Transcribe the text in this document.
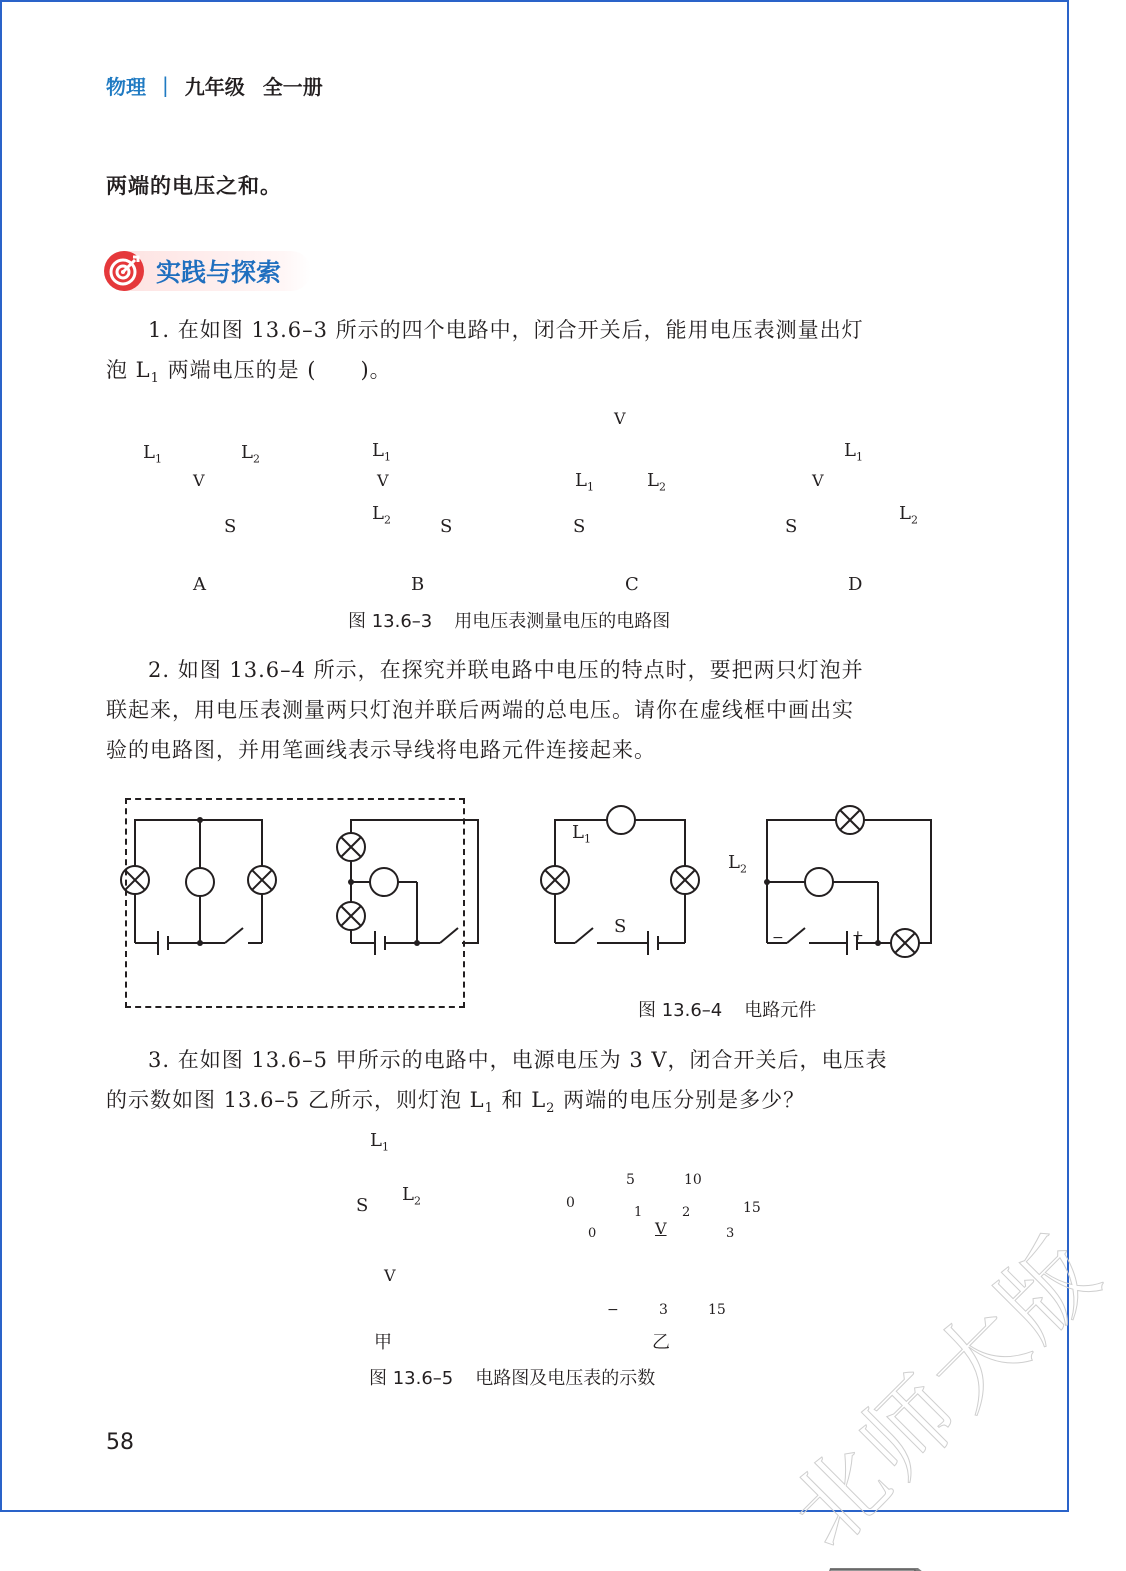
物理 | 九年级 全一册
两端的电压之和。
实践与探索
1. 在如图 13.6–3 所示的四个电路中，闭合开关后，能用电压表测量出灯
泡 $L_1$ 两端电压的是 (　　)。
$L_1$	$L_2$
V
S
A
$L_1$
$L_2$
V
S
B
$L_1$	$L_2$
V
S
C
$L_1$
$L_2$
V
S
D
图 13.6–3 用电压表测量电压的电路图
2. 如图 13.6–4 所示，在探究并联电路中电压的特点时，要把两只灯泡并
联起来，用电压表测量两只灯泡并联后两端的总电压。请你在虚线框中画出实
验的电路图，并用笔画线表示导线将电路元件连接起来。
$L_1$
$L_2$
S
−	+
图 13.6–4 电路元件
3. 在如图 13.6–5 甲所示的电路中，电源电压为 3 V，闭合开关后，电压表
的示数如图 13.6–5 乙所示，则灯泡 $L_1$ 和 $L_2$ 两端的电压分别是多少？
$L_1$
$L_2$
S
V
甲
0
5	10
15
0
1	2
3
V
−	3	15
乙
图 13.6–5 电路图及电压表的示数
58	北师大版
